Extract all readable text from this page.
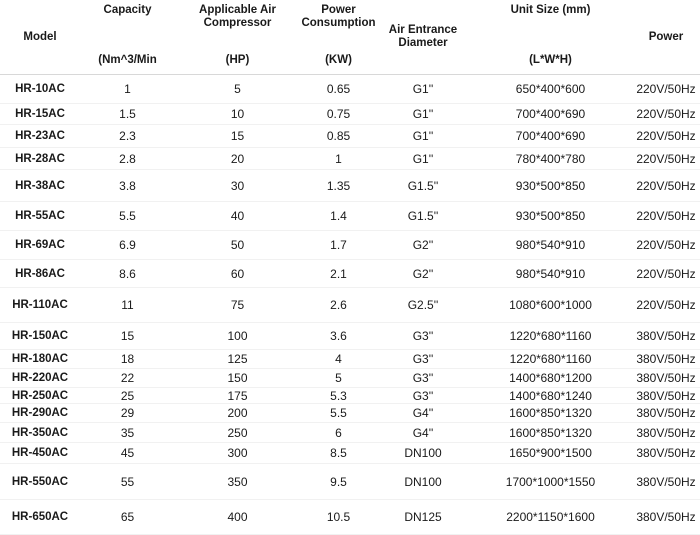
Model	Capacity	Applicable Air Compressor	Power Consumption	Air Entrance Diameter	Unit Size (mm)	Power
	(Nm^3/Min	(HP)	(KW)		(L*W*H)	
HR-10AC	1	5	0.65	G1''	650*400*600	220V/50Hz
HR-15AC	1.5	10	0.75	G1''	700*400*690	220V/50Hz
HR-23AC	2.3	15	0.85	G1''	700*400*690	220V/50Hz
HR-28AC	2.8	20	1	G1''	780*400*780	220V/50Hz
HR-38AC	3.8	30	1.35	G1.5''	930*500*850	220V/50Hz
HR-55AC	5.5	40	1.4	G1.5''	930*500*850	220V/50Hz
HR-69AC	6.9	50	1.7	G2''	980*540*910	220V/50Hz
HR-86AC	8.6	60	2.1	G2''	980*540*910	220V/50Hz
HR-110AC	11	75	2.6	G2.5''	1080*600*1000	220V/50Hz
HR-150AC	15	100	3.6	G3''	1220*680*1160	380V/50Hz
HR-180AC	18	125	4	G3''	1220*680*1160	380V/50Hz
HR-220AC	22	150	5	G3''	1400*680*1200	380V/50Hz
HR-250AC	25	175	5.3	G3''	1400*680*1240	380V/50Hz
HR-290AC	29	200	5.5	G4''	1600*850*1320	380V/50Hz
HR-350AC	35	250	6	G4''	1600*850*1320	380V/50Hz
HR-450AC	45	300	8.5	DN100	1650*900*1500	380V/50Hz
HR-550AC	55	350	9.5	DN100	1700*1000*1550	380V/50Hz
HR-650AC	65	400	10.5	DN125	2200*1150*1600	380V/50Hz
